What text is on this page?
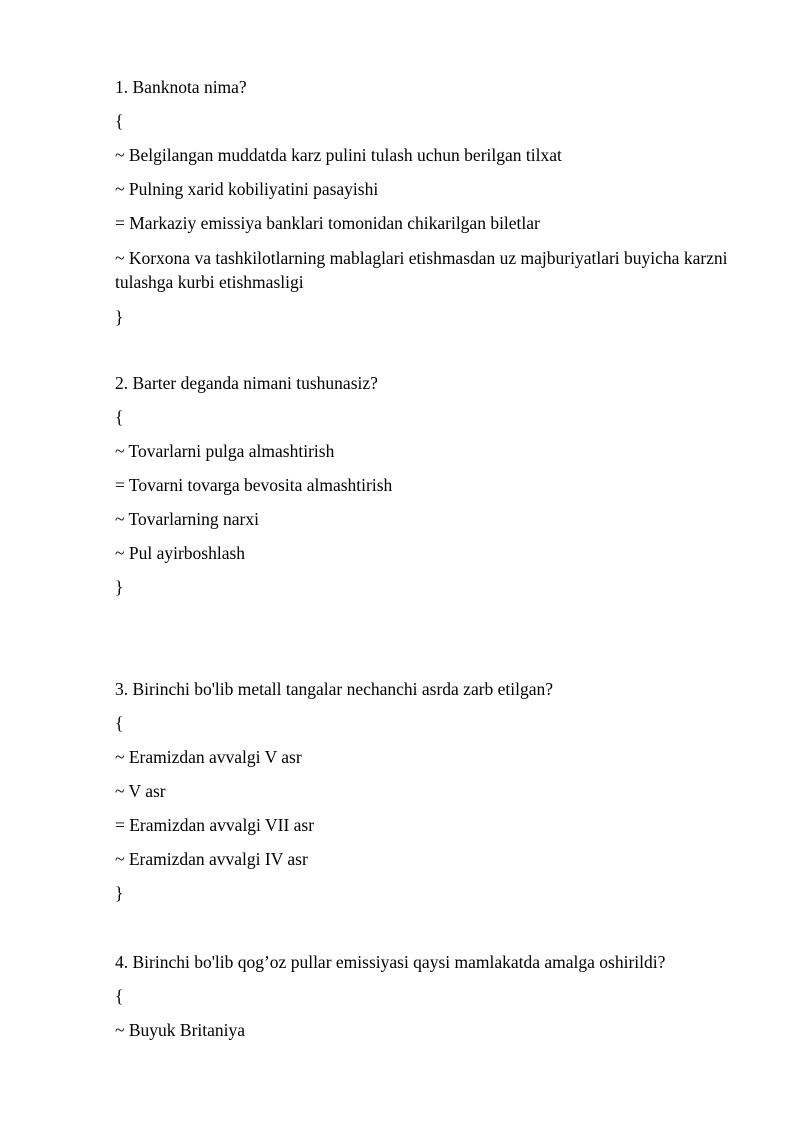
1. Banknota nima?
{
~ Belgilangan muddatda karz pulini tulash uchun berilgan tilxat
~ Pulning xarid kobiliyatini pasayishi
= Markaziy emissiya banklari tomonidan chikarilgan biletlar
~ Korxona va tashkilotlarning mablaglari etishmasdan uz majburiyatlari buyicha karzni tulashga kurbi etishmasligi
}
2. Barter deganda nimani tushunasiz?
{
~ Tovarlarni pulga almashtirish
= Tovarni tovarga bevosita almashtirish
~ Tovarlarning narxi
~ Pul ayirboshlash
}
3. Birinchi bo'lib metall tangalar nechanchi asrda zarb etilgan?
{
~ Eramizdan avvalgi V asr
~ V asr
= Eramizdan avvalgi VII asr
~ Eramizdan avvalgi IV asr
}
4. Birinchi bo'lib qog’oz pullar emissiyasi qaysi mamlakatda amalga oshirildi?
{
~ Buyuk Britaniya
